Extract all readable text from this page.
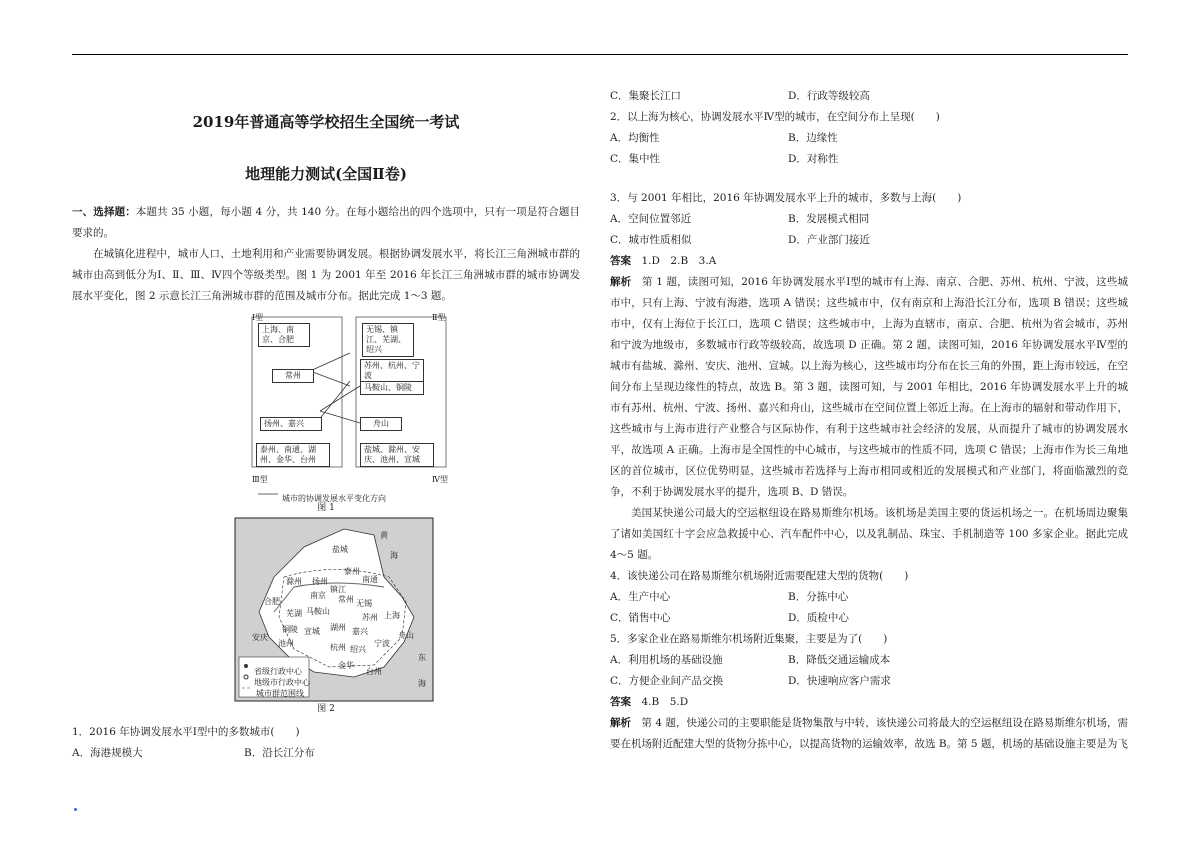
2019年普通高等学校招生全国统一考试
地理能力测试(全国Ⅱ卷)

一、选择题：本题共 35 小题，每小题 4 分，共 140 分。在每小题给出的四个选项中，只有一项是符合题目要求的。

在城镇化进程中，城市人口、土地利用和产业需要协调发展。根据协调发展水平，将长江三角洲城市群的城市由高到低分为Ⅰ、Ⅱ、Ⅲ、Ⅳ四个等级类型。图 1 为 2001 年至 2016 年长江三角洲城市群的城市协调发展水平变化，图 2 示意长江三角洲城市群的范围及城市分布。据此完成 1～3 题。

Ⅰ型	Ⅱ型
Ⅲ型	Ⅳ型
上海、南京、合肥
无锡、镇江、芜湖、绍兴
苏州、杭州、宁波
常州
马鞍山、铜陵
扬州、嘉兴	舟山
泰州、南通、湖州、金华、台州
盐城、滁州、安庆、池州、宣城
城市的协调发展水平变化方向
图 1
黄
海
东
海
盐城
泰州
扬州	南通
滁州
镇江
常州
南京
无锡
合肥
芜湖 马鞍山
苏州 上海
铜陵 宣城 湖州 嘉兴
池州
安庆
杭州	宁波
舟山
绍兴
金华
台州
省级行政中心
地级市行政中心
城市群范围线
图 2

1．2016 年协调发展水平Ⅰ型中的多数城市(　　)

A．海港规模大	B．沿长江分布
C．集聚长江口	D．行政等级较高

2．以上海为核心，协调发展水平Ⅳ型的城市，在空间分布上呈现(　　)

A．均衡性	B．边缘性
C．集中性	D．对称性

3．与 2001 年相比，2016 年协调发展水平上升的城市，多数与上海(　　)

A．空间位置邻近	B．发展模式相同
C．城市性质相似	D．产业部门接近

答案　 1.D　2.B　3.A

解析　 第 1 题，读图可知，2016 年协调发展水平Ⅰ型的城市有上海、南京、合肥、苏州、杭州、宁波，这些城市中，只有上海、宁波有海港，选项 A 错误；这些城市中，仅有南京和上海沿长江分布，选项 B 错误；这些城市中，仅有上海位于长江口，选项 C 错误；这些城市中，上海为直辖市，南京、合肥、杭州为省会城市，苏州和宁波为地级市，多数城市行政等级较高，故选项 D 正确。第 2 题，读图可知，2016 年协调发展水平Ⅳ型的城市有盐城、滁州、安庆、池州、宣城。以上海为核心，这些城市均分布在长三角的外围，距上海市较远，在空间分布上呈现边缘性的特点，故选 B。第 3 题，读图可知，与 2001 年相比，2016 年协调发展水平上升的城市有苏州、杭州、宁波、扬州、嘉兴和舟山，这些城市在空间位置上邻近上海。在上海市的辐射和带动作用下，这些城市与上海市进行产业整合与区际协作，有利于这些城市社会经济的发展，从而提升了城市的协调发展水平，故选项 A 正确。上海市是全国性的中心城市，与这些城市的性质不同，选项 C 错误；上海市作为长三角地区的首位城市，区位优势明显，这些城市若选择与上海市相同或相近的发展模式和产业部门，将面临激烈的竞争，不利于协调发展水平的提升，选项 B、D 错误。

美国某快递公司最大的空运枢纽设在路易斯维尔机场。该机场是美国主要的货运机场之一。在机场周边聚集了诸如美国红十字会应急救援中心、汽车配件中心，以及乳制品、珠宝、手机制造等 100 多家企业。据此完成 4～5 题。

4．该快递公司在路易斯维尔机场附近需要配建大型的货物(　　)

A．生产中心	B．分拣中心
C．销售中心	D．质检中心

5．多家企业在路易斯维尔机场附近集聚，主要是为了(　　)

A．利用机场的基础设施	B．降低交通运输成本
C．方便企业间产品交换	D．快速响应客户需求

答案　 4.B　5.D

解析　 第 4 题，快递公司的主要职能是货物集散与中转，该快递公司将最大的空运枢纽设在路易斯维尔机场，需要在机场附近配建大型的货物分拣中心，以提高货物的运输效率，故选 B。第 5 题，机场的基础设施主要是为飞
